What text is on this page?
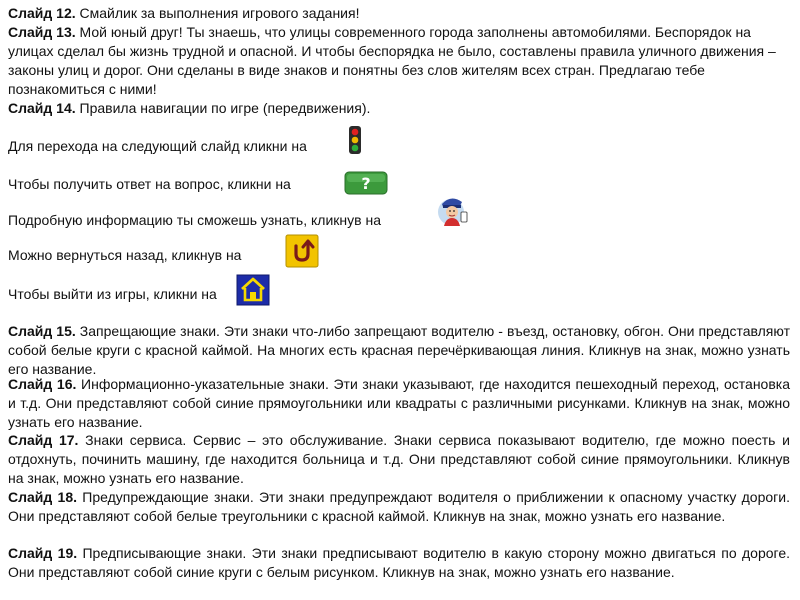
Слайд 12. Смайлик за выполнения игрового задания!

Слайд 13. Мой юный друг! Ты знаешь, что улицы современного города заполнены автомобилями. Беспорядок на улицах сделал бы жизнь трудной и опасной. И чтобы беспорядка не было, составлены правила уличного движения – законы улиц и дорог. Они сделаны в виде знаков и понятны без слов жителям всех стран. Предлагаю тебе познакомиться с ними!

Слайд 14. Правила навигации по игре (передвижения).

Для перехода на следующий слайд кликни на

Чтобы получить ответ на вопрос, кликни на	?

Подробную информацию ты сможешь узнать, кликнув на

Можно вернуться назад, кликнув на

Чтобы выйти из игры, кликни на

Слайд 15. Запрещающие знаки. Эти знаки что-либо запрещают водителю - въезд, остановку, обгон. Они представляют собой белые круги с красной каймой. На многих есть красная перечёркивающая линия. Кликнув на знак, можно узнать его название.

Слайд 16. Информационно-указательные знаки. Эти знаки указывают, где находится пешеходный переход, остановка и т.д. Они представляют собой синие прямоугольники или квадраты с различными рисунками. Кликнув на знак, можно узнать его название.

Слайд 17. Знаки сервиса. Сервис – это обслуживание. Знаки сервиса показывают водителю, где можно поесть и отдохнуть, починить машину, где находится больница и т.д. Они представляют собой синие прямоугольники. Кликнув на знак, можно узнать его название.

Слайд 18. Предупреждающие знаки. Эти знаки предупреждают водителя о приближении к опасному участку дороги. Они представляют собой белые треугольники с красной каймой. Кликнув на знак, можно узнать его название.

Слайд 19. Предписывающие знаки. Эти знаки предписывают водителю в какую сторону можно двигаться по дороге. Они представляют собой синие круги с белым рисунком. Кликнув на знак, можно узнать его название.
